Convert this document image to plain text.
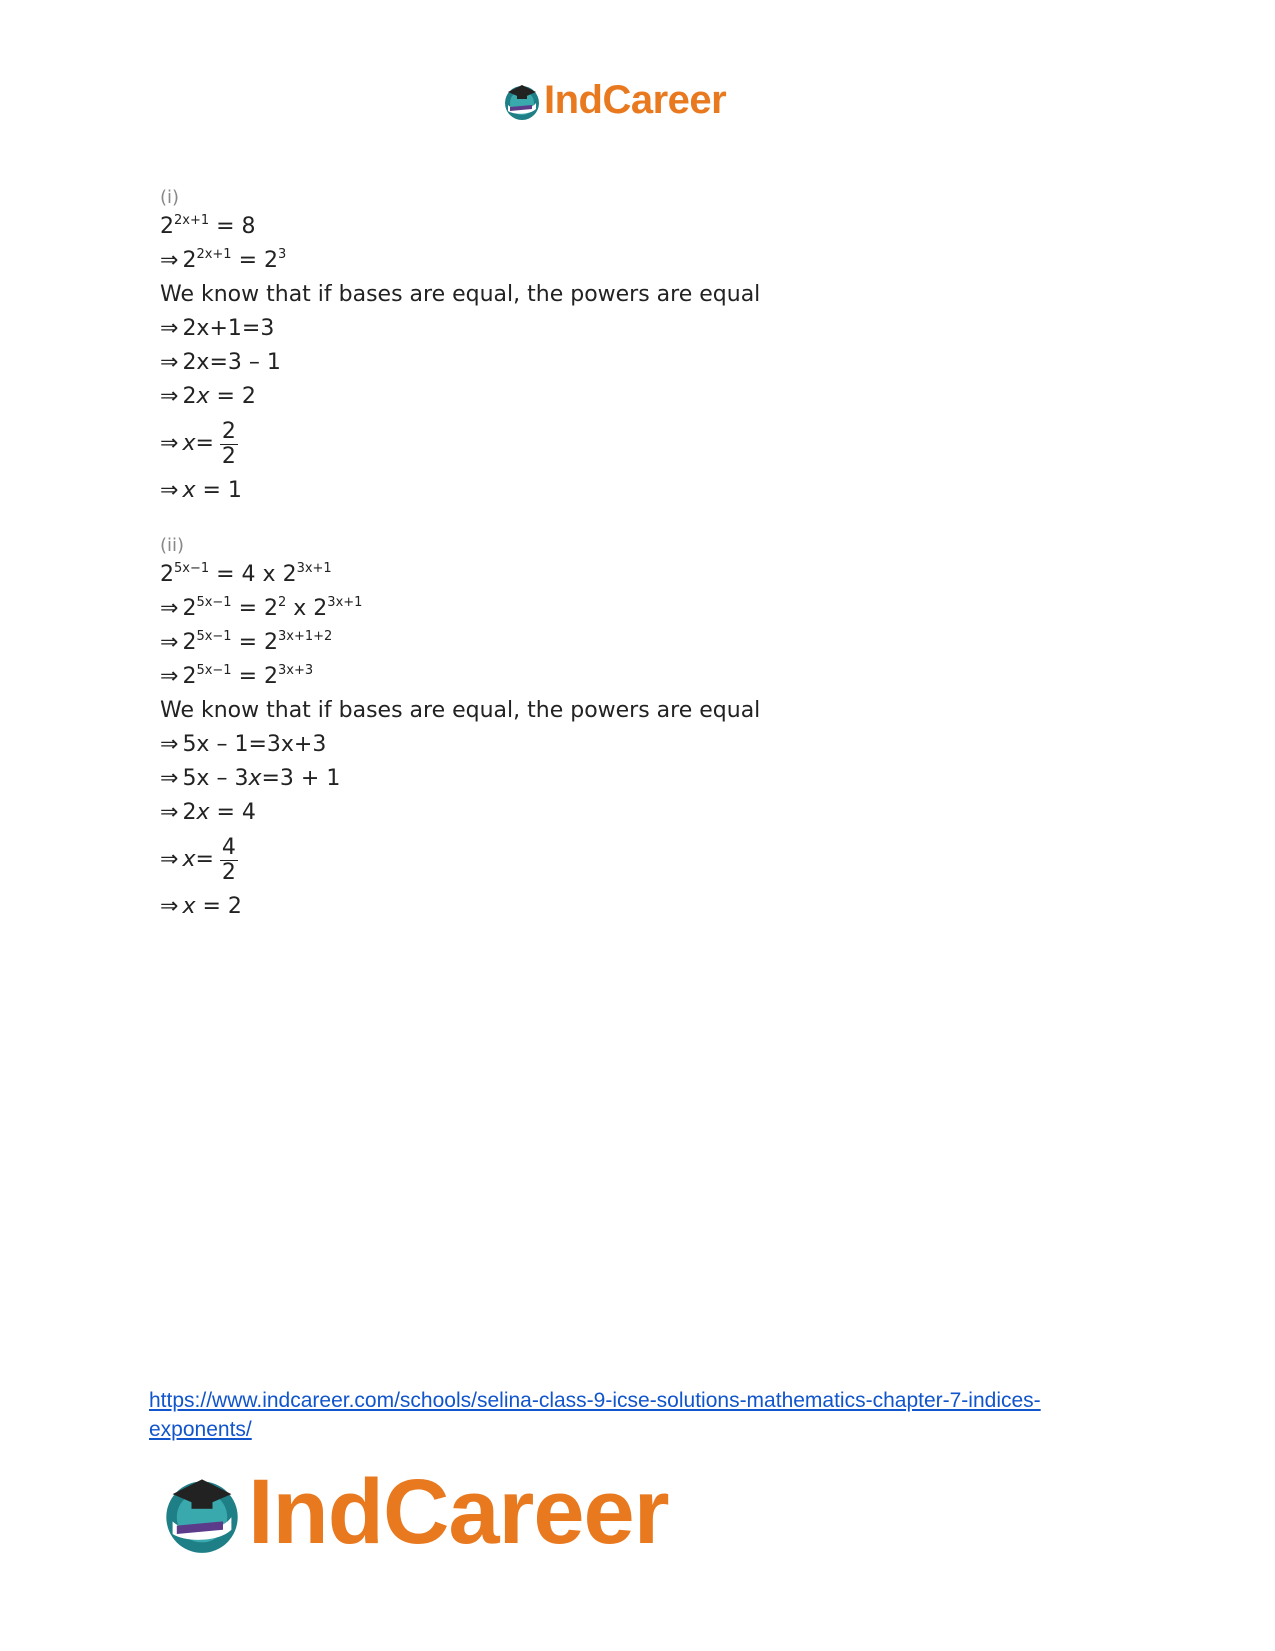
IndCareer
(i)
$2^{2x+1} = 8$
⇒ $2^{2x+1} = 2^3$
We know that if bases are equal, the powers are equal
⇒ 2x+1=3
⇒ 2x=3 – 1
⇒ 2x = 2
⇒ $x = \frac{2}{2}$
⇒ x = 1
(ii)
$2^{5x-1} = 4$ x $2^{3x+1}$
⇒ $2^{5x-1} = 2^2$ x $2^{3x+1}$
⇒ $2^{5x-1} = 2^{3x+1+2}$
⇒ $2^{5x-1} = 2^{3x+3}$
We know that if bases are equal, the powers are equal
⇒ 5x – 1=3x+3
⇒ 5x – 3x=3 + 1
⇒ 2x = 4
⇒ $x = \frac{4}{2}$
⇒ x = 2
https://www.indcareer.com/schools/selina-class-9-icse-solutions-mathematics-chapter-7-indices-exponents/
IndCareer
